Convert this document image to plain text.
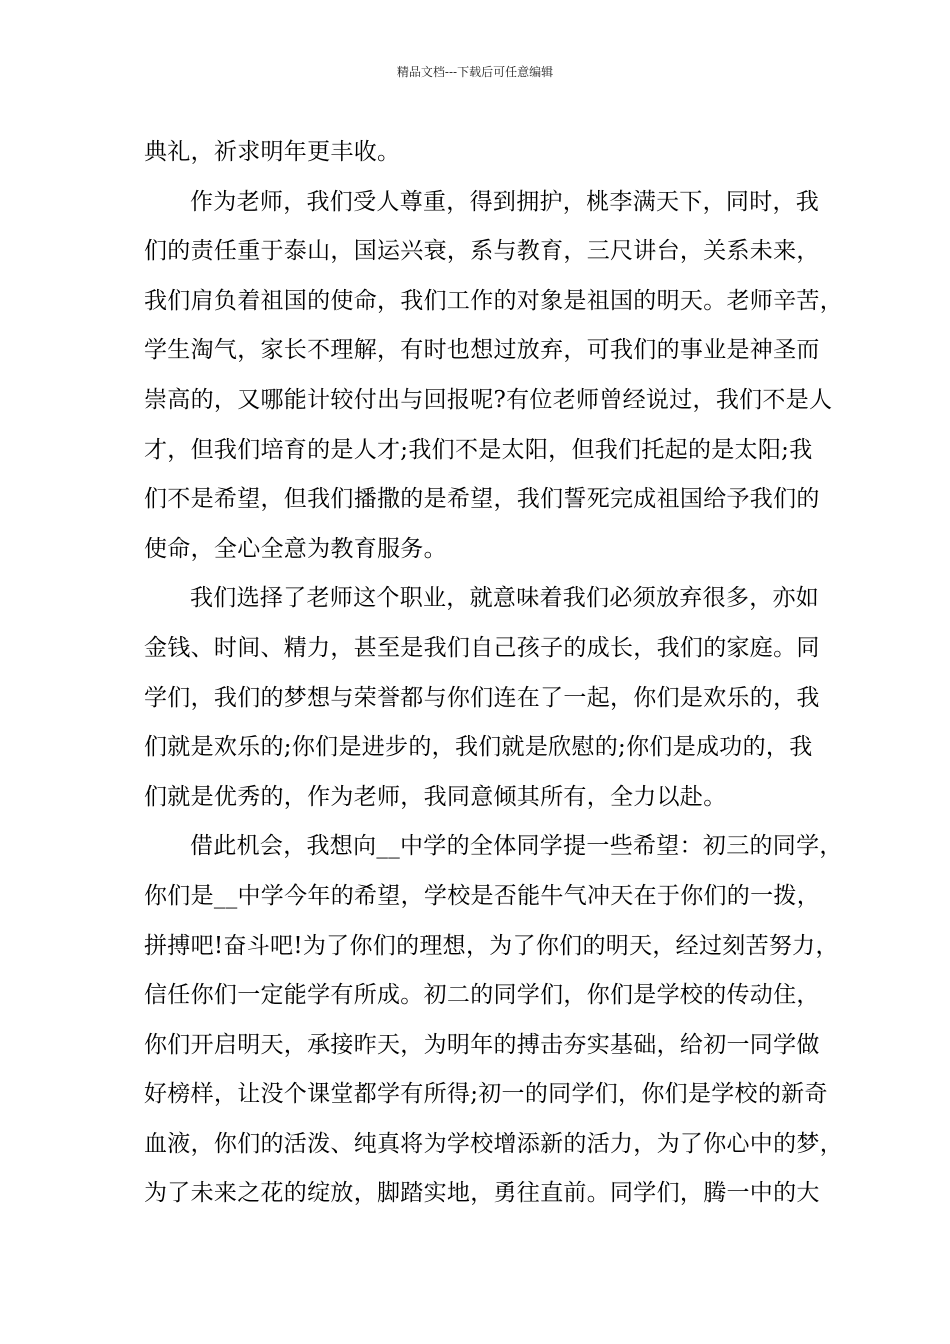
精品文档---下载后可任意编辑
典礼，祈求明年更丰收。
作为老师，我们受人尊重，得到拥护，桃李满天下，同时，我
们的责任重于泰山，国运兴衰，系与教育，三尺讲台，关系未来，
我们肩负着祖国的使命，我们工作的对象是祖国的明天。老师辛苦，
学生淘气，家长不理解，有时也想过放弃，可我们的事业是神圣而
崇高的，又哪能计较付出与回报呢?有位老师曾经说过，我们不是人
才，但我们培育的是人才;我们不是太阳，但我们托起的是太阳;我
们不是希望，但我们播撒的是希望，我们誓死完成祖国给予我们的
使命，全心全意为教育服务。
我们选择了老师这个职业，就意味着我们必须放弃很多，亦如
金钱、时间、精力，甚至是我们自己孩子的成长，我们的家庭。同
学们，我们的梦想与荣誉都与你们连在了一起，你们是欢乐的，我
们就是欢乐的;你们是进步的，我们就是欣慰的;你们是成功的，我
们就是优秀的，作为老师，我同意倾其所有，全力以赴。
借此机会，我想向__中学的全体同学提一些希望：初三的同学，
你们是__中学今年的希望，学校是否能牛气冲天在于你们的一拨，
拼搏吧!奋斗吧!为了你们的理想，为了你们的明天，经过刻苦努力，
信任你们一定能学有所成。初二的同学们，你们是学校的传动住，
你们开启明天，承接昨天，为明年的搏击夯实基础，给初一同学做
好榜样，让没个课堂都学有所得;初一的同学们，你们是学校的新奇
血液，你们的活泼、纯真将为学校增添新的活力，为了你心中的梦，
为了未来之花的绽放，脚踏实地，勇往直前。同学们，腾一中的大
